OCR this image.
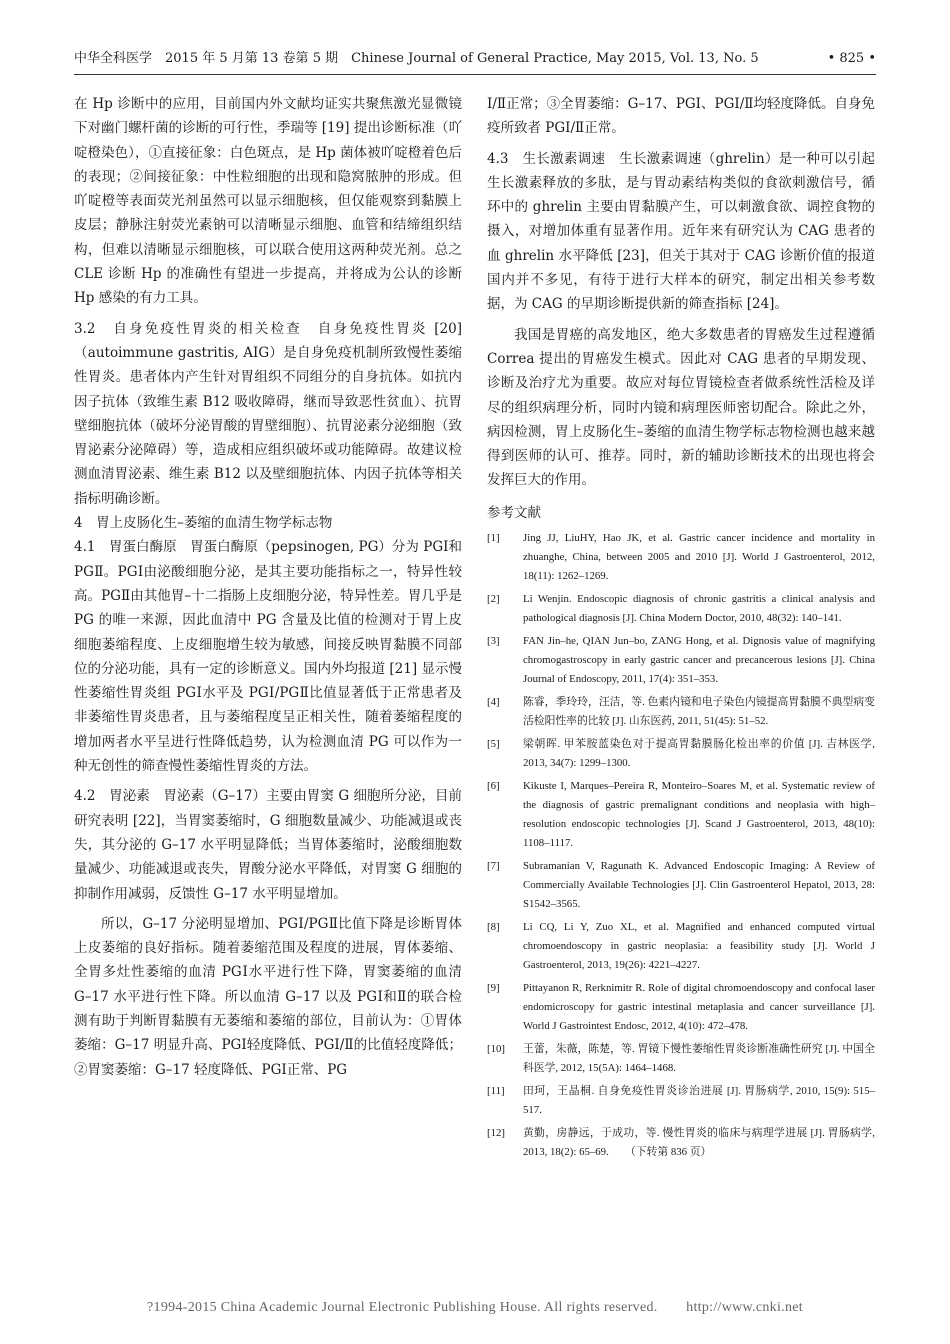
中华全科医学　2015 年 5 月第 13 卷第 5 期　Chinese Journal of General Practice, May 2015, Vol. 13, No. 5	• 825 •

在 Hp 诊断中的应用，目前国内外文献均证实共聚焦激光显微镜下对幽门螺杆菌的诊断的可行性，季瑞等 [19] 提出诊断标准（吖啶橙染色），①直接征象：白色斑点，是 Hp 菌体被吖啶橙着色后的表现；②间接征象：中性粒细胞的出现和隐窝脓肿的形成。但吖啶橙等表面荧光剂虽然可以显示细胞核，但仅能观察到黏膜上皮层；静脉注射荧光素钠可以清晰显示细胞、血管和结缔组织结构，但难以清晰显示细胞核，可以联合使用这两种荧光剂。总之 CLE 诊断 Hp 的准确性有望进一步提高，并将成为公认的诊断 Hp 感染的有力工具。

3.2　自身免疫性胃炎的相关检查　自身免疫性胃炎 [20]（autoimmune gastritis, AIG）是自身免疫机制所致慢性萎缩性胃炎。患者体内产生针对胃组织不同组分的自身抗体。如抗内因子抗体（致维生素 B12 吸收障碍，继而导致恶性贫血）、抗胃壁细胞抗体（破坏分泌胃酸的胃壁细胞）、抗胃泌素分泌细胞（致胃泌素分泌障碍）等，造成相应组织破坏或功能障碍。故建议检测血清胃泌素、维生素 B12 以及壁细胞抗体、内因子抗体等相关指标明确诊断。

4　胃上皮肠化生–萎缩的血清生物学标志物

4.1　胃蛋白酶原　胃蛋白酶原（pepsinogen, PG）分为 PGⅠ和 PGⅡ。PGⅠ由泌酸细胞分泌，是其主要功能指标之一，特异性较高。PGⅡ由其他胃–十二指肠上皮细胞分泌，特异性差。胃几乎是 PG 的唯一来源，因此血清中 PG 含量及比值的检测对于胃上皮细胞萎缩程度、上皮细胞增生较为敏感，间接反映胃黏膜不同部位的分泌功能，具有一定的诊断意义。国内外均报道 [21] 显示慢性萎缩性胃炎组 PGⅠ水平及 PGⅠ/PGⅡ比值显著低于正常患者及非萎缩性胃炎患者，且与萎缩程度呈正相关性，随着萎缩程度的增加两者水平呈进行性降低趋势，认为检测血清 PG 可以作为一种无创性的筛查慢性萎缩性胃炎的方法。

4.2　胃泌素　胃泌素（G–17）主要由胃窦 G 细胞所分泌，目前研究表明 [22]，当胃窦萎缩时，G 细胞数量减少、功能减退或丧失，其分泌的 G–17 水平明显降低；当胃体萎缩时，泌酸细胞数量减少、功能减退或丧失，胃酸分泌水平降低，对胃窦 G 细胞的抑制作用减弱，反馈性 G–17 水平明显增加。

所以，G–17 分泌明显增加、PGⅠ/PGⅡ比值下降是诊断胃体上皮萎缩的良好指标。随着萎缩范围及程度的进展，胃体萎缩、全胃多灶性萎缩的血清 PGⅠ水平进行性下降，胃窦萎缩的血清 G–17 水平进行性下降。所以血清 G–17 以及 PGⅠ和Ⅱ的联合检测有助于判断胃黏膜有无萎缩和萎缩的部位，目前认为：①胃体萎缩：G–17 明显升高、PGⅠ轻度降低、PGⅠ/Ⅱ的比值轻度降低；②胃窦萎缩：G–17 轻度降低、PGⅠ正常、PG

Ⅰ/Ⅱ正常；③全胃萎缩：G–17、PGⅠ、PGⅠ/Ⅱ均轻度降低。自身免疫所致者 PGⅠ/Ⅱ正常。

4.3　生长激素调速　生长激素调速（ghrelin）是一种可以引起生长激素释放的多肽，是与胃动素结构类似的食欲刺激信号，循环中的 ghrelin 主要由胃黏膜产生，可以刺激食欲、调控食物的摄入，对增加体重有显著作用。近年来有研究认为 CAG 患者的血 ghrelin 水平降低 [23]，但关于其对于 CAG 诊断价值的报道国内并不多见，有待于进行大样本的研究，制定出相关参考数据，为 CAG 的早期诊断提供新的筛查指标 [24]。

我国是胃癌的高发地区，绝大多数患者的胃癌发生过程遵循 Correa 提出的胃癌发生模式。因此对 CAG 患者的早期发现、诊断及治疗尤为重要。故应对每位胃镜检查者做系统性活检及详尽的组织病理分析，同时内镜和病理医师密切配合。除此之外，病因检测，胃上皮肠化生–萎缩的血清生物学标志物检测也越来越得到医师的认可、推荐。同时，新的辅助诊断技术的出现也将会发挥巨大的作用。

参考文献
[1]	Jing JJ, LiuHY, Hao JK, et al. Gastric cancer incidence and mortality in zhuanghe, China, between 2005 and 2010 [J]. World J Gastroenterol, 2012, 18(11): 1262–1269.
[2]	Li Wenjin. Endoscopic diagnosis of chronic gastritis a clinical analysis and pathological diagnosis [J]. China Modern Doctor, 2010, 48(32): 140–141.
[3]	FAN Jin–he, QIAN Jun–bo, ZANG Hong, et al. Dignosis value of magnifying chromogastroscopy in early gastric cancer and precancerous lesions [J]. China Journal of Endoscopy, 2011, 17(4): 351–353.
[4]	陈睿，季玲玲，汪洁，等. 色素内镜和电子染色内镜提高胃黏膜不典型病变活检阳性率的比较 [J]. 山东医药, 2011, 51(45): 51–52.
[5]	梁朝晖. 甲苯胺蓝染色对于提高胃黏膜肠化检出率的价值 [J]. 吉林医学, 2013, 34(7): 1299–1300.
[6]	Kikuste I, Marques–Pereira R, Monteiro–Soares M, et al. Systematic review of the diagnosis of gastric premalignant conditions and neoplasia with high–resolution endoscopic technologies [J]. Scand J Gastroenterol, 2013, 48(10): 1108–1117.
[7]	Subramanian V, Ragunath K. Advanced Endoscopic Imaging: A Review of Commercially Available Technologies [J]. Clin Gastroenterol Hepatol, 2013, 28: S1542–3565.
[8]	Li CQ, Li Y, Zuo XL, et al. Magnified and enhanced computed virtual chromoendoscopy in gastric neoplasia: a feasibility study [J]. World J Gastroenterol, 2013, 19(26): 4221–4227.
[9]	Pittayanon R, Rerknimitr R. Role of digital chromoendoscopy and confocal laser endomicroscopy for gastric intestinal metaplasia and cancer surveillance [J]. World J Gastrointest Endosc, 2012, 4(10): 472–478.
[10]	王蕾，朱薇，陈楚，等. 胃镜下慢性萎缩性胃炎诊断准确性研究 [J]. 中国全科医学, 2012, 15(5A): 1464–1468.
[11]	田珂，王晶桐. 自身免疫性胃炎诊治进展 [J]. 胃肠病学, 2010, 15(9): 515–517.
[12]	黄勤，房静远，于成功，等. 慢性胃炎的临床与病理学进展 [J]. 胃肠病学, 2013, 18(2): 65–69.　　（下转第 836 页）
?1994-2015 China Academic Journal Electronic Publishing House. All rights reserved.　　http://www.cnki.net
